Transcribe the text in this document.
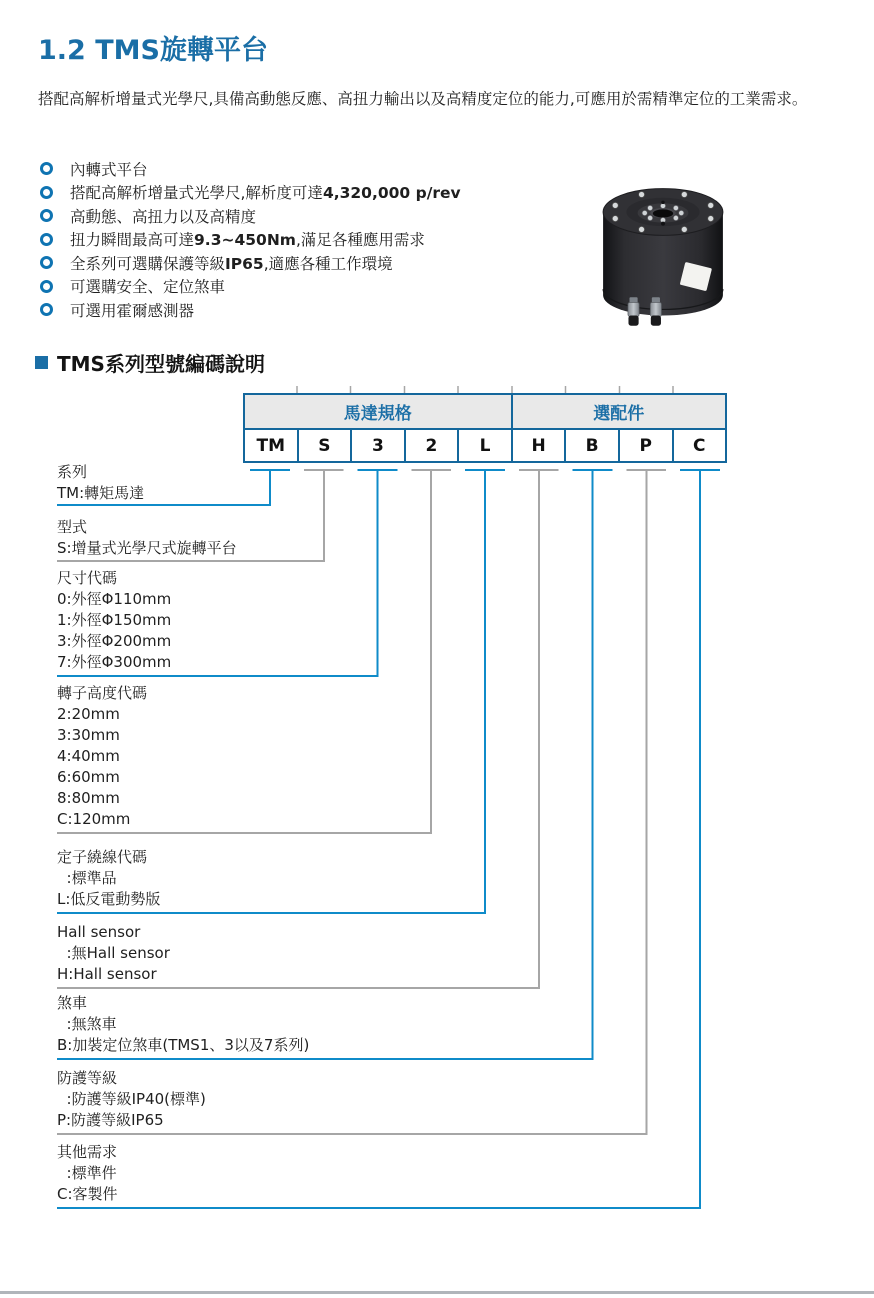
1.2 TMS旋轉平台

搭配高解析增量式光學尺,具備高動態反應、高扭力輸出以及高精度定位的能力,可應用於需精準定位的工業需求。

內轉式平台
搭配高解析增量式光學尺,解析度可達4,320,000 p/rev
高動態、高扭力以及高精度
扭力瞬間最高可達9.3~450Nm,滿足各種應用需求
全系列可選購保護等級IP65,適應各種工作環境
可選購安全、定位煞車
可選用霍爾感測器
TMS系列型號編碼說明
馬達規格	選配件
TM	S	3	2	L	H	B	P	C
系列
TM:轉矩馬達
型式
S:增量式光學尺式旋轉平台
尺寸代碼
0:外徑Φ110mm
1:外徑Φ150mm
3:外徑Φ200mm
7:外徑Φ300mm
轉子高度代碼
2:20mm
3:30mm
4:40mm
6:60mm
8:80mm
C:120mm
定子繞線代碼
:標準品
L:低反電動勢版
Hall sensor
:無Hall sensor
H:Hall sensor
煞車
:無煞車
B:加裝定位煞車(TMS1、3以及7系列)
防護等級
:防護等級IP40(標準)
P:防護等級IP65
其他需求
:標準件
C:客製件
